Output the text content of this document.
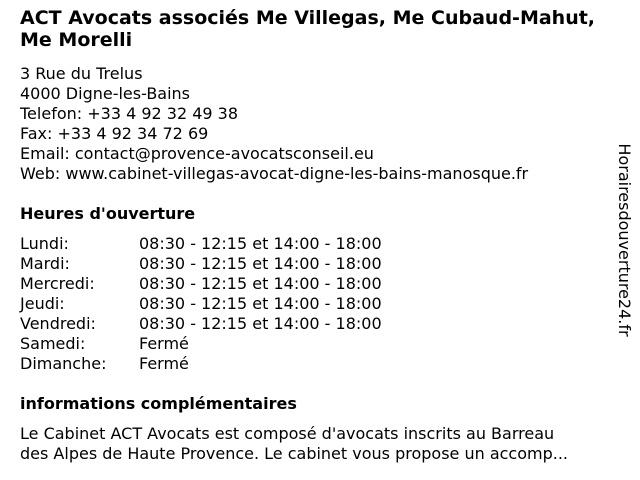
ACT Avocats associés Me Villegas, Me Cubaud-Mahut,
Me Morelli
3 Rue du Trelus
4000 Digne-les-Bains
Telefon: +33 4 92 32 49 38
Fax: +33 4 92 34 72 69
Email: contact@provence-avocatsconseil.eu
Web: www.cabinet-villegas-avocat-digne-les-bains-manosque.fr
Heures d'ouverture
Lundi:	08:30 - 12:15 et 14:00 - 18:00
Mardi:	08:30 - 12:15 et 14:00 - 18:00
Mercredi:	08:30 - 12:15 et 14:00 - 18:00
Jeudi:	08:30 - 12:15 et 14:00 - 18:00
Vendredi:	08:30 - 12:15 et 14:00 - 18:00
Samedi:	Fermé
Dimanche: Fermé
informations complémentaires
Le Cabinet ACT Avocats est composé d'avocats inscrits au Barreau
des Alpes de Haute Provence. Le cabinet vous propose un accomp...
Horairesdouverture24.fr
